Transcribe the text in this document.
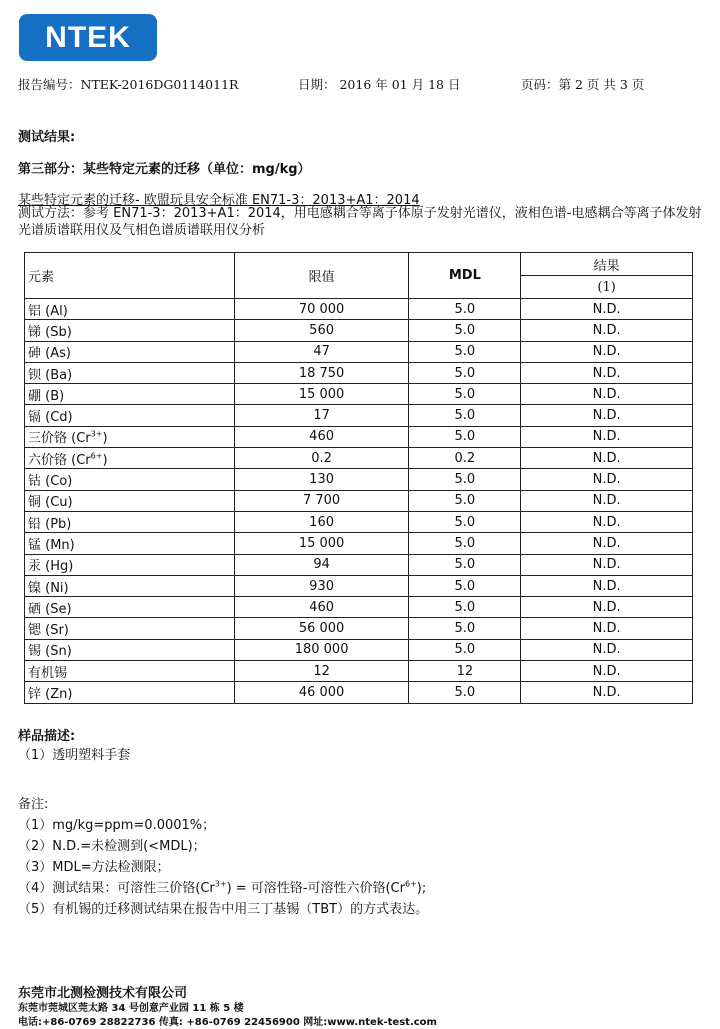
NTEK
报告编号：NTEK-2016DG0114011R	日期： 2016 年 01 月 18 日	页码：第 2 页 共 3 页
测试结果:
第三部分：某些特定元素的迁移（单位：mg/kg）
某些特定元素的迁移- 欧盟玩具安全标准 EN71-3：2013+A1：2014
测试方法：参考 EN71-3：2013+A1：2014，用电感耦合等离子体原子发射光谱仪，液相色谱-电感耦合等离子体发射光谱质谱联用仪及气相色谱质谱联用仪分析
元素	限值	MDL	结果
			(1)
铝 (Al)	70 000	5.0	N.D.
锑 (Sb)	560	5.0	N.D.
砷 (As)	47	5.0	N.D.
钡 (Ba)	18 750	5.0	N.D.
硼 (B)	15 000	5.0	N.D.
镉 (Cd)	17	5.0	N.D.
三价铬 $(Cr^{3+})$	460	5.0	N.D.
六价铬 $(Cr^{6+})$	0.2	0.2	N.D.
钴 (Co)	130	5.0	N.D.
铜 (Cu)	7 700	5.0	N.D.
铅 (Pb)	160	5.0	N.D.
锰 (Mn)	15 000	5.0	N.D.
汞 (Hg)	94	5.0	N.D.
镍 (Ni)	930	5.0	N.D.
硒 (Se)	460	5.0	N.D.
锶 (Sr)	56 000	5.0	N.D.
锡 (Sn)	180 000	5.0	N.D.
有机锡	12	12	N.D.
锌 (Zn)	46 000	5.0	N.D.
样品描述:
（1）透明塑料手套
备注:
（1）mg/kg=ppm=0.0001%；
（2）N.D.=未检测到(<MDL)；
（3）MDL=方法检测限；
（4）测试结果：可溶性三价铬$(Cr^{3+})$ = 可溶性铬-可溶性六价铬$(Cr^{6+})$;
（5）有机锡的迁移测试结果在报告中用三丁基锡（TBT）的方式表达。
东莞市北测检测技术有限公司
东莞市莞城区莞太路 34 号创意产业园 11 栋 5 楼
电话:+86-0769 28822736 传真: +86-0769 22456900 网址:www.ntek-test.com
